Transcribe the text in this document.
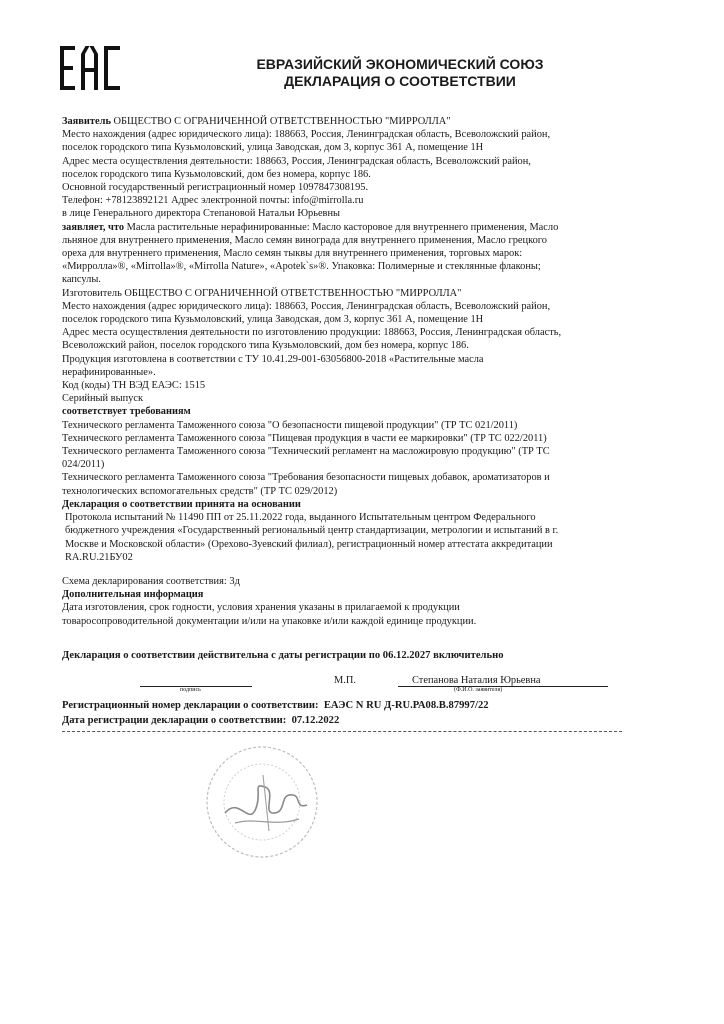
ЕВРАЗИЙСКИЙ ЭКОНОМИЧЕСКИЙ СОЮЗ
ДЕКЛАРАЦИЯ О СООТВЕТСТВИИ

Заявитель ОБЩЕСТВО С ОГРАНИЧЕННОЙ ОТВЕТСТВЕННОСТЬЮ "МИРРОЛЛА"

Место нахождения (адрес юридического лица): 188663, Россия, Ленинградская область, Всеволожский район,

поселок городского типа Кузьмоловский, улица Заводская, дом 3, корпус 361 А, помещение 1Н

Адрес места осуществления деятельности: 188663, Россия, Ленинградская область, Всеволожский район,

поселок городского типа Кузьмоловский, дом без номера, корпус 186.

Основной государственный регистрационный номер 1097847308195.

Телефон: +78123892121 Адрес электронной почты: info@mirrolla.ru

в лице Генерального директора Степановой Натальи Юрьевны

заявляет, что Масла растительные нерафинированные: Масло касторовое для внутреннего применения, Масло

льняное для внутреннего применения, Масло семян винограда для внутреннего применения, Масло грецкого

ореха для внутреннего применения, Масло семян тыквы для внутреннего применения, торговых марок:

«Мирролла»®, «Mirrolla»®, «Mirrolla Nature», «Apotek`s»®. Упаковка: Полимерные и стеклянные флаконы;

капсулы.

Изготовитель ОБЩЕСТВО С ОГРАНИЧЕННОЙ ОТВЕТСТВЕННОСТЬЮ "МИРРОЛЛА"

Место нахождения (адрес юридического лица): 188663, Россия, Ленинградская область, Всеволожский район,

поселок городского типа Кузьмоловский, улица Заводская, дом 3, корпус 361 А, помещение 1Н

Адрес места осуществления деятельности по изготовлению продукции: 188663, Россия, Ленинградская область,

Всеволожский район, поселок городского типа Кузьмоловский, дом без номера, корпус 186.

Продукция изготовлена в соответствии с ТУ 10.41.29-001-63056800-2018 «Растительные масла

нерафинированные».

Код (коды) ТН ВЭД ЕАЭС: 1515

Серийный выпуск

соответствует требованиям

Технического регламента Таможенного союза "О безопасности пищевой продукции" (ТР ТС 021/2011)

Технического регламента Таможенного союза "Пищевая продукция в части ее маркировки" (ТР ТС 022/2011)

Технического регламента Таможенного союза "Технический регламент на масложировую продукцию" (ТР ТС

024/2011)

Технического регламента Таможенного союза "Требования безопасности пищевых добавок, ароматизаторов и

технологических вспомогательных средств" (ТР ТС 029/2012)

Декларация о соответствии принята на основании

Протокола испытаний № 11490 ПП от 25.11.2022 года, выданного Испытательным центром Федерального

бюджетного учреждения «Государственный региональный центр стандартизации, метрологии и испытаний в г.

Москве и Московской области» (Орехово-Зуевский филиал), регистрационный номер аттестата аккредитации

RA.RU.21БУ02

Схема декларирования соответствия: 3д

Дополнительная информация

Дата изготовления, срок годности, условия хранения указаны в прилагаемой к продукции

товаросопроводительной документации и/или на упаковке и/или каждой единице продукции.

Декларация о соответствии действительна с даты регистрации по 06.12.2027 включительно
подпись
М.П.	Степанова Наталия Юрьевна
(Ф.И.О. заявителя)
Регистрационный номер декларации о соответствии: ЕАЭС N RU Д-RU.РА08.В.87997/22
Дата регистрации декларации о соответствии: 07.12.2022
